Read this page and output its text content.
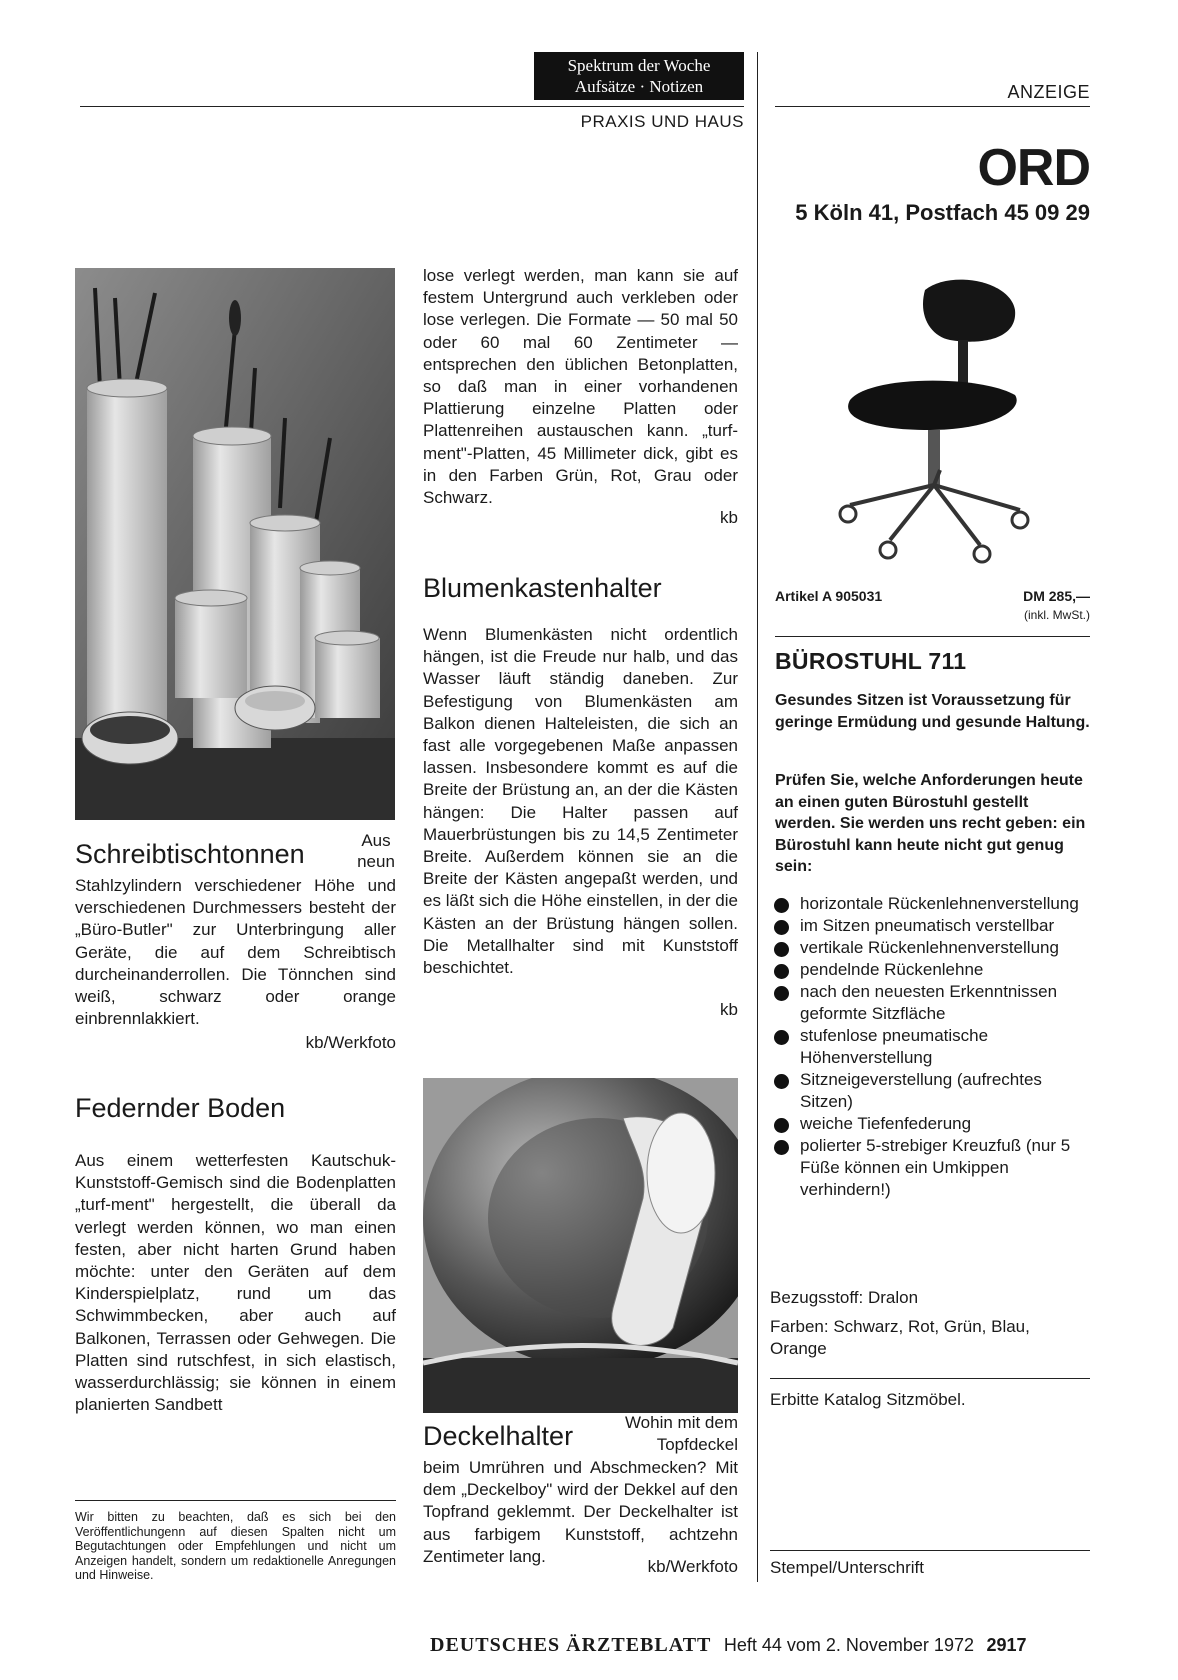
Spektrum der Woche
Aufsätze · Notizen
PRAXIS UND HAUS
ANZEIGE
ORD
5 Köln 41, Postfach 45 09 29
Schreibtischtonnen	Aus
neun
Stahlzylindern verschiedener Höhe und verschiedenen Durchmessers besteht der „Büro-Butler" zur Unterbringung aller Geräte, die auf dem Schreibtisch durcheinanderrollen. Die Tönnchen sind weiß, schwarz oder orange einbrennlakkiert.
kb/Werkfoto
Federnder Boden
Aus einem wetterfesten Kautschuk-Kunststoff-Gemisch sind die Bodenplatten „turf-ment" hergestellt, die überall da verlegt werden können, wo man einen festen, aber nicht harten Grund haben möchte: unter den Geräten auf dem Kinderspielplatz, rund um das Schwimmbecken, aber auch auf Balkonen, Terrassen oder Gehwegen. Die Platten sind rutschfest, in sich elastisch, wasserdurchlässig; sie können in einem planierten Sandbett
Wir bitten zu beachten, daß es sich bei den Veröffentlichungenn auf diesen Spalten nicht um Begutachtungen oder Empfehlungen und nicht um Anzeigen handelt, sondern um redaktionelle Anregungen und Hinweise.
lose verlegt werden, man kann sie auf festem Untergrund auch verkleben oder lose verlegen. Die Formate — 50 mal 50 oder 60 mal 60 Zentimeter — entsprechen den üblichen Betonplatten, so daß man in einer vorhandenen Plattierung einzelne Platten oder Plattenreihen austauschen kann. „turf-ment"-Platten, 45 Millimeter dick, gibt es in den Farben Grün, Rot, Grau oder Schwarz.
kb
Blumenkastenhalter
Wenn Blumenkästen nicht ordentlich hängen, ist die Freude nur halb, und das Wasser läuft ständig daneben. Zur Befestigung von Blumenkästen am Balkon dienen Halteleisten, die sich an fast alle vorgegebenen Maße anpassen lassen. Insbesondere kommt es auf die Breite der Brüstung an, an der die Kästen hängen: Die Halter passen auf Mauerbrüstungen bis zu 14,5 Zentimeter Breite. Außerdem können sie an die Breite der Kästen angepaßt werden, und es läßt sich die Höhe einstellen, in der die Kästen an der Brüstung hängen sollen. Die Metallhalter sind mit Kunststoff beschichtet.
kb
Deckelhalter	Wohin mit dem Topfdeckel
beim Umrühren und Abschmecken? Mit dem „Deckelboy" wird der Dekkel auf den Topfrand geklemmt. Der Deckelhalter ist aus farbigem Kunststoff, achtzehn Zentimeter lang.
kb/Werkfoto
Artikel A 905031	DM 285,—
(inkl. MwSt.)
BÜROSTUHL 711
Gesundes Sitzen ist Voraussetzung für geringe Ermüdung und gesunde Haltung.
Prüfen Sie, welche Anforderungen heute an einen guten Bürostuhl gestellt werden. Sie werden uns recht geben: ein Bürostuhl kann heute nicht gut genug sein:
horizontale Rückenlehnenverstellung
im Sitzen pneumatisch verstellbar
vertikale Rückenlehnenverstellung
pendelnde Rückenlehne
nach den neuesten Erkenntnissen geformte Sitzfläche
stufenlose pneumatische Höhenverstellung
Sitzneigeverstellung (aufrechtes Sitzen)
weiche Tiefenfederung
polierter 5-strebiger Kreuzfuß (nur 5 Füße können ein Umkippen verhindern!)
Bezugsstoff: Dralon
Farben: Schwarz, Rot, Grün, Blau, Orange
Erbitte Katalog Sitzmöbel.
Stempel/Unterschrift
DEUTSCHES ÄRZTEBLATT Heft 44 vom 2. November 1972 2917
